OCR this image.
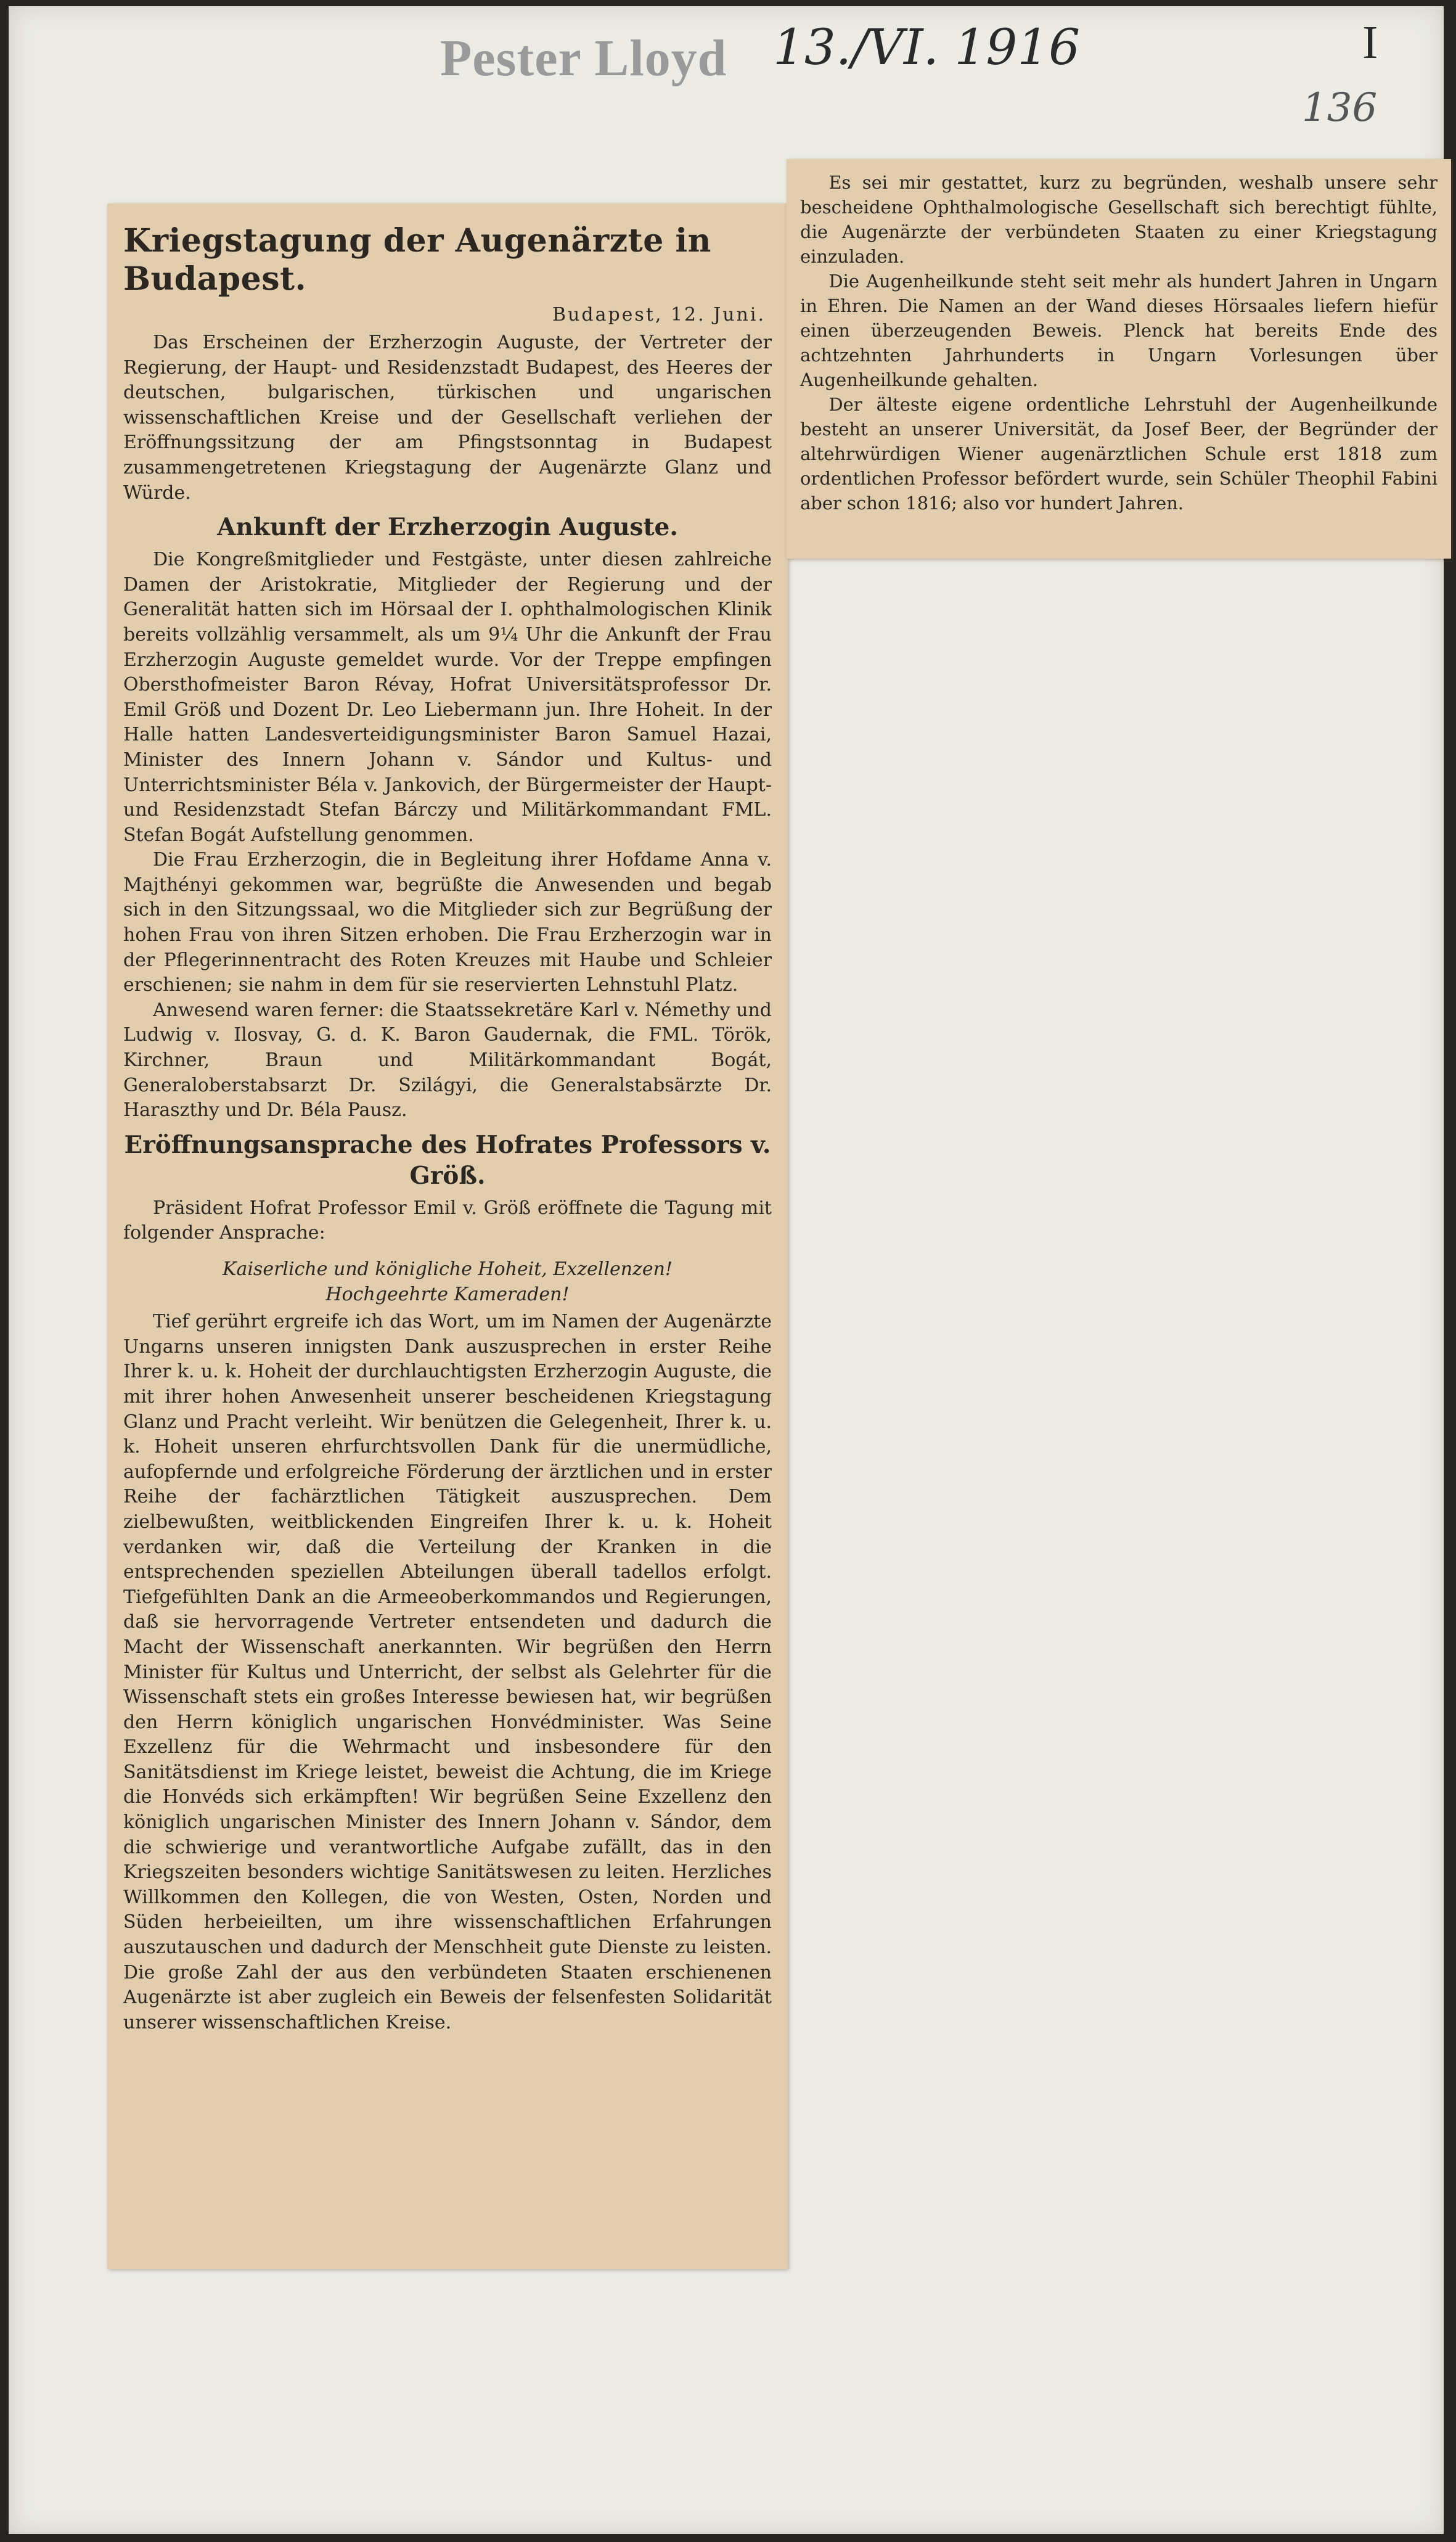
Pester Lloyd 13./VI. 1916	I
136
Kriegstagung der Augenärzte in Budapest.
Budapest, 12. Juni.

Das Erscheinen der Erzherzogin Auguste, der Vertreter der Regierung, der Haupt- und Residenzstadt Budapest, des Heeres der deutschen, bulgarischen, türkischen und ungarischen wissenschaftlichen Kreise und der Gesellschaft verliehen der Eröffnungssitzung der am Pfingstsonntag in Budapest zusammengetretenen Kriegstagung der Augenärzte Glanz und Würde.

Ankunft der Erzherzogin Auguste.

Die Kongreßmitglieder und Festgäste, unter diesen zahlreiche Damen der Aristokratie, Mitglieder der Regierung und der Generalität hatten sich im Hörsaal der I. ophthalmologischen Klinik bereits vollzählig versammelt, als um 9¼ Uhr die Ankunft der Frau Erzherzogin Auguste gemeldet wurde. Vor der Treppe empfingen Obersthofmeister Baron Révay, Hofrat Universitätsprofessor Dr. Emil Größ und Dozent Dr. Leo Liebermann jun. Ihre Hoheit. In der Halle hatten Landesverteidigungsminister Baron Samuel Hazai, Minister des Innern Johann v. Sándor und Kultus- und Unterrichtsminister Béla v. Jankovich, der Bürgermeister der Haupt- und Residenzstadt Stefan Bárczy und Militärkommandant FML. Stefan Bogát Aufstellung genommen.

Die Frau Erzherzogin, die in Begleitung ihrer Hofdame Anna v. Majthényi gekommen war, begrüßte die Anwesenden und begab sich in den Sitzungssaal, wo die Mitglieder sich zur Begrüßung der hohen Frau von ihren Sitzen erhoben. Die Frau Erzherzogin war in der Pflegerinnentracht des Roten Kreuzes mit Haube und Schleier erschienen; sie nahm in dem für sie reservierten Lehnstuhl Platz.

Anwesend waren ferner: die Staatssekretäre Karl v. Némethy und Ludwig v. Ilosvay, G. d. K. Baron Gaudernak, die FML. Török, Kirchner, Braun und Militärkommandant Bogát, Generaloberstabsarzt Dr. Szilágyi, die Generalstabsärzte Dr. Haraszthy und Dr. Béla Pausz.

Eröffnungsansprache des Hofrates Professors v. Größ.

Präsident Hofrat Professor Emil v. Größ eröffnete die Tagung mit folgender Ansprache:

Kaiserliche und königliche Hoheit, Exzellenzen!
Hochgeehrte Kameraden!

Tief gerührt ergreife ich das Wort, um im Namen der Augenärzte Ungarns unseren innigsten Dank auszusprechen in erster Reihe Ihrer k. u. k. Hoheit der durchlauchtigsten Erzherzogin Auguste, die mit ihrer hohen Anwesenheit unserer bescheidenen Kriegstagung Glanz und Pracht verleiht. Wir benützen die Gelegenheit, Ihrer k. u. k. Hoheit unseren ehrfurchtsvollen Dank für die unermüdliche, aufopfernde und erfolgreiche Förderung der ärztlichen und in erster Reihe der fachärztlichen Tätigkeit auszusprechen. Dem zielbewußten, weitblickenden Eingreifen Ihrer k. u. k. Hoheit verdanken wir, daß die Verteilung der Kranken in die entsprechenden speziellen Abteilungen überall tadellos erfolgt. Tiefgefühlten Dank an die Armeeoberkommandos und Regierungen, daß sie hervorragende Vertreter entsendeten und dadurch die Macht der Wissenschaft anerkannten. Wir begrüßen den Herrn Minister für Kultus und Unterricht, der selbst als Gelehrter für die Wissenschaft stets ein großes Interesse bewiesen hat, wir begrüßen den Herrn königlich ungarischen Honvédminister. Was Seine Exzellenz für die Wehrmacht und insbesondere für den Sanitätsdienst im Kriege leistet, beweist die Achtung, die im Kriege die Honvéds sich erkämpften! Wir begrüßen Seine Exzellenz den königlich ungarischen Minister des Innern Johann v. Sándor, dem die schwierige und verantwortliche Aufgabe zufällt, das in den Kriegszeiten besonders wichtige Sanitätswesen zu leiten. Herzliches Willkommen den Kollegen, die von Westen, Osten, Norden und Süden herbeieilten, um ihre wissenschaftlichen Erfahrungen auszutauschen und dadurch der Menschheit gute Dienste zu leisten. Die große Zahl der aus den verbündeten Staaten erschienenen Augenärzte ist aber zugleich ein Beweis der felsenfesten Solidarität unserer wissenschaftlichen Kreise.

Es sei mir gestattet, kurz zu begründen, weshalb unsere sehr bescheidene Ophthalmologische Gesellschaft sich berechtigt fühlte, die Augenärzte der verbündeten Staaten zu einer Kriegstagung einzuladen.

Die Augenheilkunde steht seit mehr als hundert Jahren in Ungarn in Ehren. Die Namen an der Wand dieses Hörsaales liefern hiefür einen überzeugenden Beweis. Plenck hat bereits Ende des achtzehnten Jahrhunderts in Ungarn Vorlesungen über Augenheilkunde gehalten.

Der älteste eigene ordentliche Lehrstuhl der Augenheilkunde besteht an unserer Universität, da Josef Beer, der Begründer der altehrwürdigen Wiener augenärztlichen Schule erst 1818 zum ordentlichen Professor befördert wurde, sein Schüler Theophil Fabini aber schon 1816; also vor hundert Jahren.
